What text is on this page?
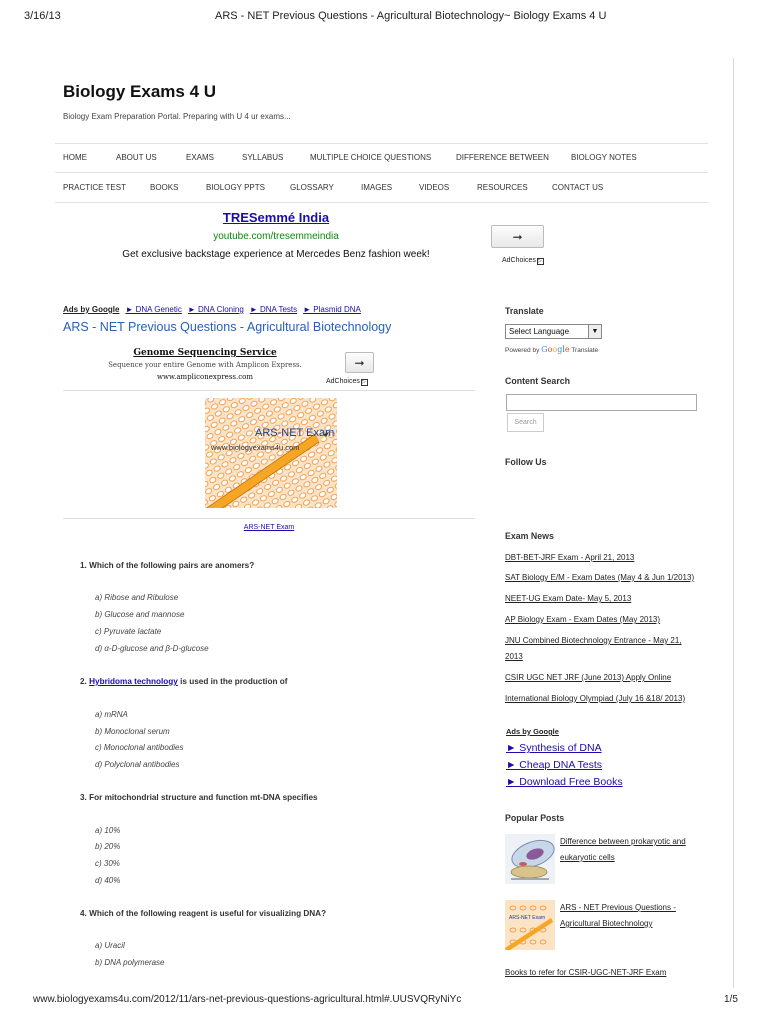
3/16/13	ARS - NET Previous Questions - Agricultural Biotechnology~ Biology Exams 4 U
Biology Exams 4 U
Biology Exam Preparation Portal. Preparing with U 4 ur exams...
HOME	ABOUT US	EXAMS	SYLLABUS	MULTIPLE CHOICE QUESTIONS	DIFFERENCE BETWEEN	BIOLOGY NOTES
PRACTICE TEST	BOOKS	BIOLOGY PPTS	GLOSSARY	IMAGES	VIDEOS	RESOURCES	CONTACT US
TRESemmé India
youtube.com/tresemmeindia
Get exclusive backstage experience at Mercedes Benz fashion week!
➞
AdChoices ▷
Ads by Google ► DNA Genetic ► DNA Cloning ► DNA Tests ► Plasmid DNA
ARS - NET Previous Questions - Agricultural Biotechnology
Genome Sequencing Service
Sequence your entire Genome with Amplicon Express.
www.ampliconexpress.com
➞
AdChoices ▷
ARS-NET Exam
www.biologyexams4u.com
ARS-NET Exam
1. Which of the following pairs are anomers?
a) Ribose and Ribulose
b) Glucose and mannose
c) Pyruvate lactate
d) α-D-glucose and β-D-glucose
2. Hybridoma technology is used in the production of
a) mRNA
b) Monoclonal serum
c) Monoclonal antibodies
d) Polyclonal antibodies
3. For mitochondrial structure and function mt-DNA specifies
a) 10%
b) 20%
c) 30%
d) 40%
4. Which of the following reagent is useful for visualizing DNA?
a) Uracil
b) DNA polymerase
Translate
Select Language	▼
Powered by Google Translate
Content Search
Search
Follow Us
Exam News
DBT-BET-JRF Exam - April 21, 2013
SAT Biology E/M - Exam Dates (May 4 & Jun 1/2013)
NEET-UG Exam Date- May 5, 2013
AP Biology Exam - Exam Dates (May 2013)
JNU Combined Biotechnology Entrance - May 21,
2013
CSIR UGC NET JRF (June 2013) Apply Online
International Biology Olympiad (July 16 &18/ 2013)
Ads by Google
► Synthesis of DNA
► Cheap DNA Tests
► Download Free Books
Popular Posts
Difference between prokaryotic and
eukaryotic cells
ARS-NET Exam
ARS - NET Previous Questions -
Agricultural Biotechnology
Books to refer for CSIR-UGC-NET-JRF Exam
www.biologyexams4u.com/2012/11/ars-net-previous-questions-agricultural.html#.UUSVQRyNiYc	1/5
